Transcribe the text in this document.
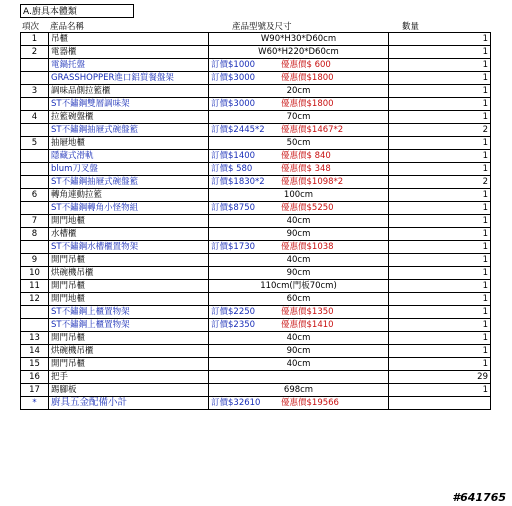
A.廚具本體類
項次 產品名稱	產品型號及尺寸	數量
1	吊櫃	W90*H30*D60cm	1
2	電器櫃	W60*H220*D60cm	1
	電鍋托盤	訂價$1000 優惠價$ 600	1
	GRASSHOPPER進口鋁質餐盤架	訂價$3000 優惠價$1800	1
3	調味品側拉籃櫃	20cm	1
	ST不鏽鋼雙層調味架	訂價$3000 優惠價$1800	1
4	拉籃碗盤櫃	70cm	1
	ST不鏽鋼抽屜式碗盤籃	訂價$2445*2 優惠價$1467*2	2
5	抽屜地櫃	50cm	1
	隱藏式滑軌	訂價$1400 優惠價$ 840	1
	blum刀叉盤	訂價$ 580 優惠價$ 348	1
	ST不鏽鋼抽屜式碗盤籃	訂價$1830*2 優惠價$1098*2	2
6	轉角連動拉籃	100cm	1
	ST不鏽鋼轉角小怪物組	訂價$8750 優惠價$5250	1
7	開門地櫃	40cm	1
8	水槽櫃	90cm	1
	ST不鏽鋼水槽櫃置物架	訂價$1730 優惠價$1038	1
9	開門吊櫃	40cm	1
10	烘碗機吊櫃	90cm	1
11	開門吊櫃	110cm(門板70cm)	1
12	開門地櫃	60cm	1
	ST不鏽鋼上櫃置物架	訂價$2250 優惠價$1350	1
	ST不鏽鋼上櫃置物架	訂價$2350 優惠價$1410	1
13	開門吊櫃	40cm	1
14	烘碗機吊櫃	90cm	1
15	開門吊櫃	40cm	1
16	把手		29
17	踢腳板	698cm	1
*	廚具五金配備小計	訂價$32610 優惠價$19566	

#641765
